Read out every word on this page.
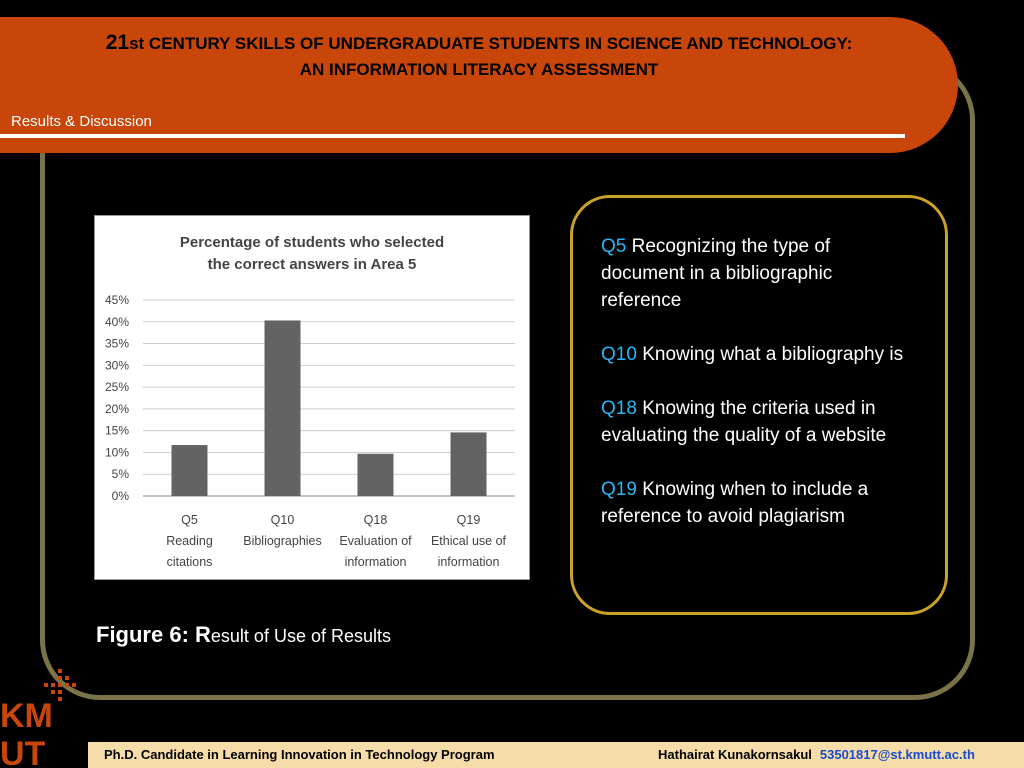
21st CENTURY SKILLS OF UNDERGRADUATE STUDENTS IN SCIENCE AND TECHNOLOGY:
AN INFORMATION LITERACY ASSESSMENT
Results & Discussion
Percentage of students who selected
the correct answers in Area 5
0%
5%
10%
15%
20%
25%
30%
35%
40%
45%
Q5
Reading
citations
Q10
Bibliographies
Q18
Evaluation of
information
Q19
Ethical use of
information

Q5 Recognizing the type of document in a bibliographic reference

Q10 Knowing what a bibliography is

Q18 Knowing the criteria used in evaluating the quality of a website

Q19 Knowing when to include a reference to avoid plagiarism

Figure 6: Result of Use of Results
KM
UT	Ph.D. Candidate in Learning Innovation in Technology Program	Hathairat Kunakornsakul 53501817@st.kmutt.ac.th
